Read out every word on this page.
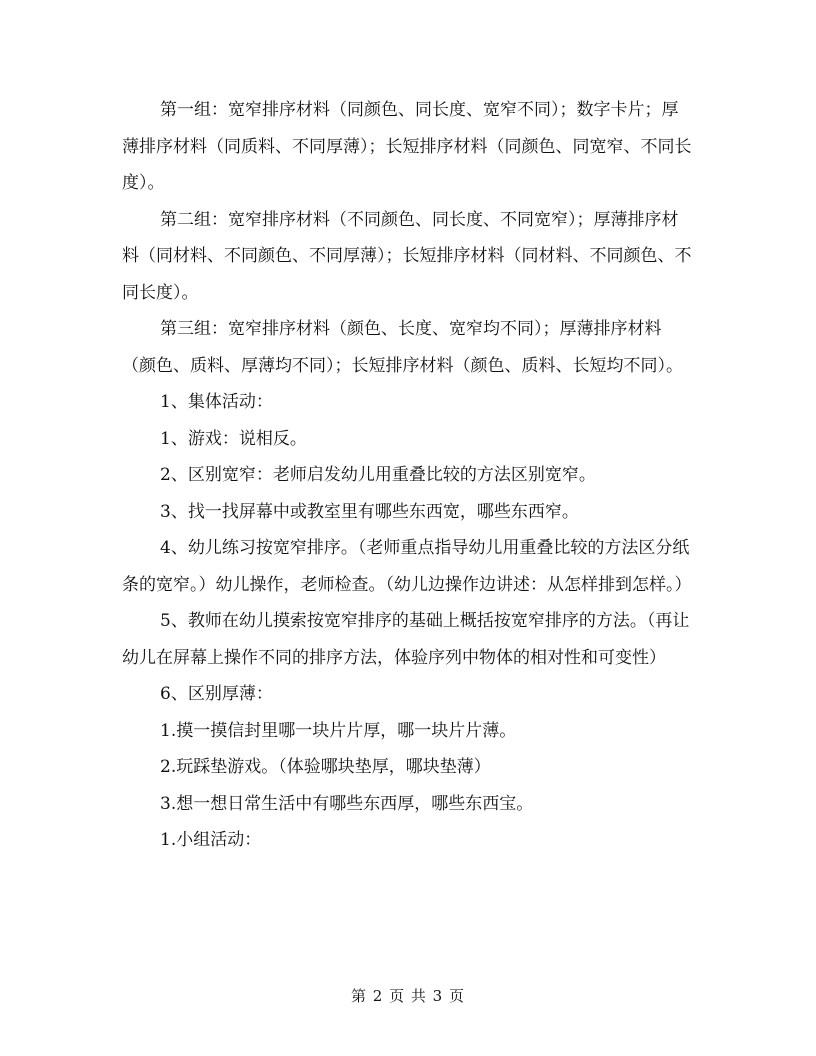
第一组：宽窄排序材料（同颜色、同长度、宽窄不同）；数字卡片；厚薄排序材料（同质料、不同厚薄）；长短排序材料（同颜色、同宽窄、不同长度）。

第二组：宽窄排序材料（不同颜色、同长度、不同宽窄）；厚薄排序材料（同材料、不同颜色、不同厚薄）；长短排序材料（同材料、不同颜色、不同长度）。

第三组：宽窄排序材料（颜色、长度、宽窄均不同）；厚薄排序材料（颜色、质料、厚薄均不同）；长短排序材料（颜色、质料、长短均不同）。

1、集体活动：

1、游戏：说相反。

2、区别宽窄：老师启发幼儿用重叠比较的方法区别宽窄。

3、找一找屏幕中或教室里有哪些东西宽，哪些东西窄。

4、幼儿练习按宽窄排序。（老师重点指导幼儿用重叠比较的方法区分纸条的宽窄。）幼儿操作，老师检查。（幼儿边操作边讲述：从怎样排到怎样。）

5、教师在幼儿摸索按宽窄排序的基础上概括按宽窄排序的方法。（再让幼儿在屏幕上操作不同的排序方法，体验序列中物体的相对性和可变性）

6、区别厚薄：

1.摸一摸信封里哪一块片片厚，哪一块片片薄。

2.玩踩垫游戏。（体验哪块垫厚，哪块垫薄）

3.想一想日常生活中有哪些东西厚，哪些东西宝。

1.小组活动：

第 2 页 共 3 页
